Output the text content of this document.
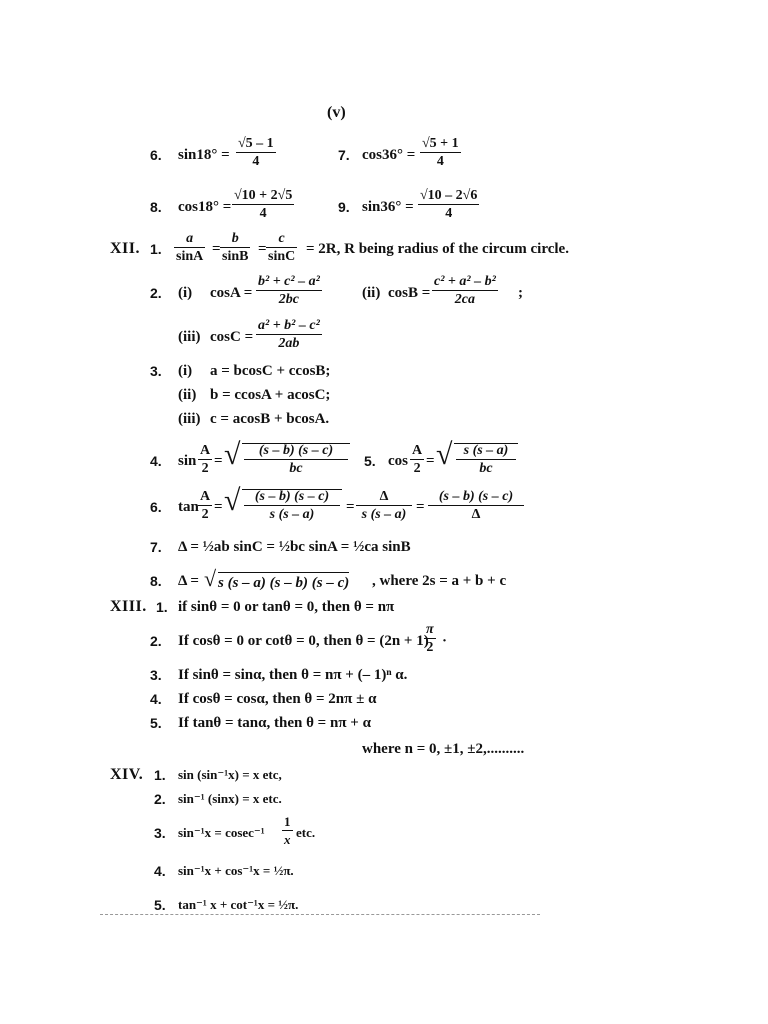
(v)
6. $\sin 18^\circ = \frac{√5 - 1}{4}$	7. $\cos 36^\circ = \frac{√5 + 1}{4}$
8. $\cos 18^\circ = \frac{√10 + 2√5}{4}$	9. $\sin 36^\circ = \frac{√10 - 2√6}{4}$
XII. 1. $\frac{a}{\sin A} = \frac{b}{\sin B} = \frac{c}{\sin C} = 2R$, R being radius of the circum circle.
2. (i) $\cos A = \frac{\text{b² + c² – a²}}{2bc}$	(ii) $\cos B = \frac{\text{c² + a² – b²}}{2ca}$ ;
(iii) $\cos C = \frac{\text{a² + b² – c²}}{2ab}$
3. (i) a = bcosC + ccosB;
(ii) b = ccosA + acosC;
(iii) c = acosB + bcosA.
4. $\sin \frac{A}{2}$ = √ $\frac{(s - b) (s - c)}{bc} 5$. $\cos \frac{A}{2}$ = √ $\frac{s (s - a)}{bc}$
6. $\tan \frac{A}{2}$ = √ $\frac{(s - b) (s - c)}{s (s - a)} = \frac{\Delta}{s (s - a)} = \frac{(s - b) (s - c)}{\Delta}$
7. Δ = ½ab sinC = ½bc sinA = ½ca sinB
8. Δ = √ s (s – a) (s – b) (s – c) , where 2s = a + b + c
XIII. 1. if sinθ = 0 or tanθ = 0, then θ = nπ
2. If cosθ = 0 or cotθ = 0, then θ = (2n + 1)
$\frac{\pi}{2}$ ·
3. If sinθ = sinα, then θ = nπ + (– 1)ⁿ α.
4. If cosθ = cosα, then θ = 2nπ ± α
5. If tanθ = tanα, then θ = nπ + α
where n = 0, ±1, ±2,..........
XIV. 1. sin (sin⁻¹x) = x etc,
2. sin⁻¹ (sinx) = x etc.
3. $\sin^{-1}x = cosec^{-1} \frac{1}{x}$ etc.
4. sin⁻¹x + cos⁻¹x = ½π.
5. tan⁻¹ x + cot⁻¹x = ½π.
